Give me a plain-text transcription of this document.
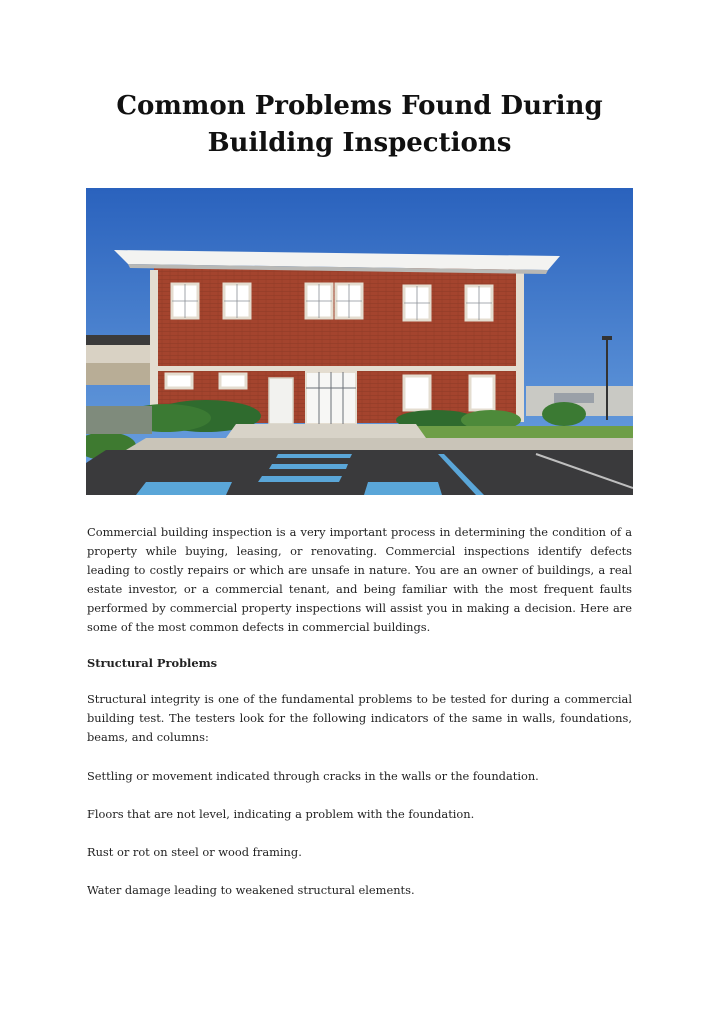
Common Problems Found During
Building Inspections

Commercial building inspection is a very important process in determining the condition of a property while buying, leasing, or renovating. Commercial inspections identify defects leading to costly repairs or which are unsafe in nature. You are an owner of buildings, a real estate investor, or a commercial tenant, and being familiar with the most frequent faults performed by commercial property inspections will assist you in making a decision. Here are some of the most common defects in commercial buildings.

Structural Problems

Structural integrity is one of the fundamental problems to be tested for during a commercial building test. The testers look for the following indicators of the same in walls, foundations, beams, and columns:

Settling or movement indicated through cracks in the walls or the foundation.

Floors that are not level, indicating a problem with the foundation.

Rust or rot on steel or wood framing.

Water damage leading to weakened structural elements.
